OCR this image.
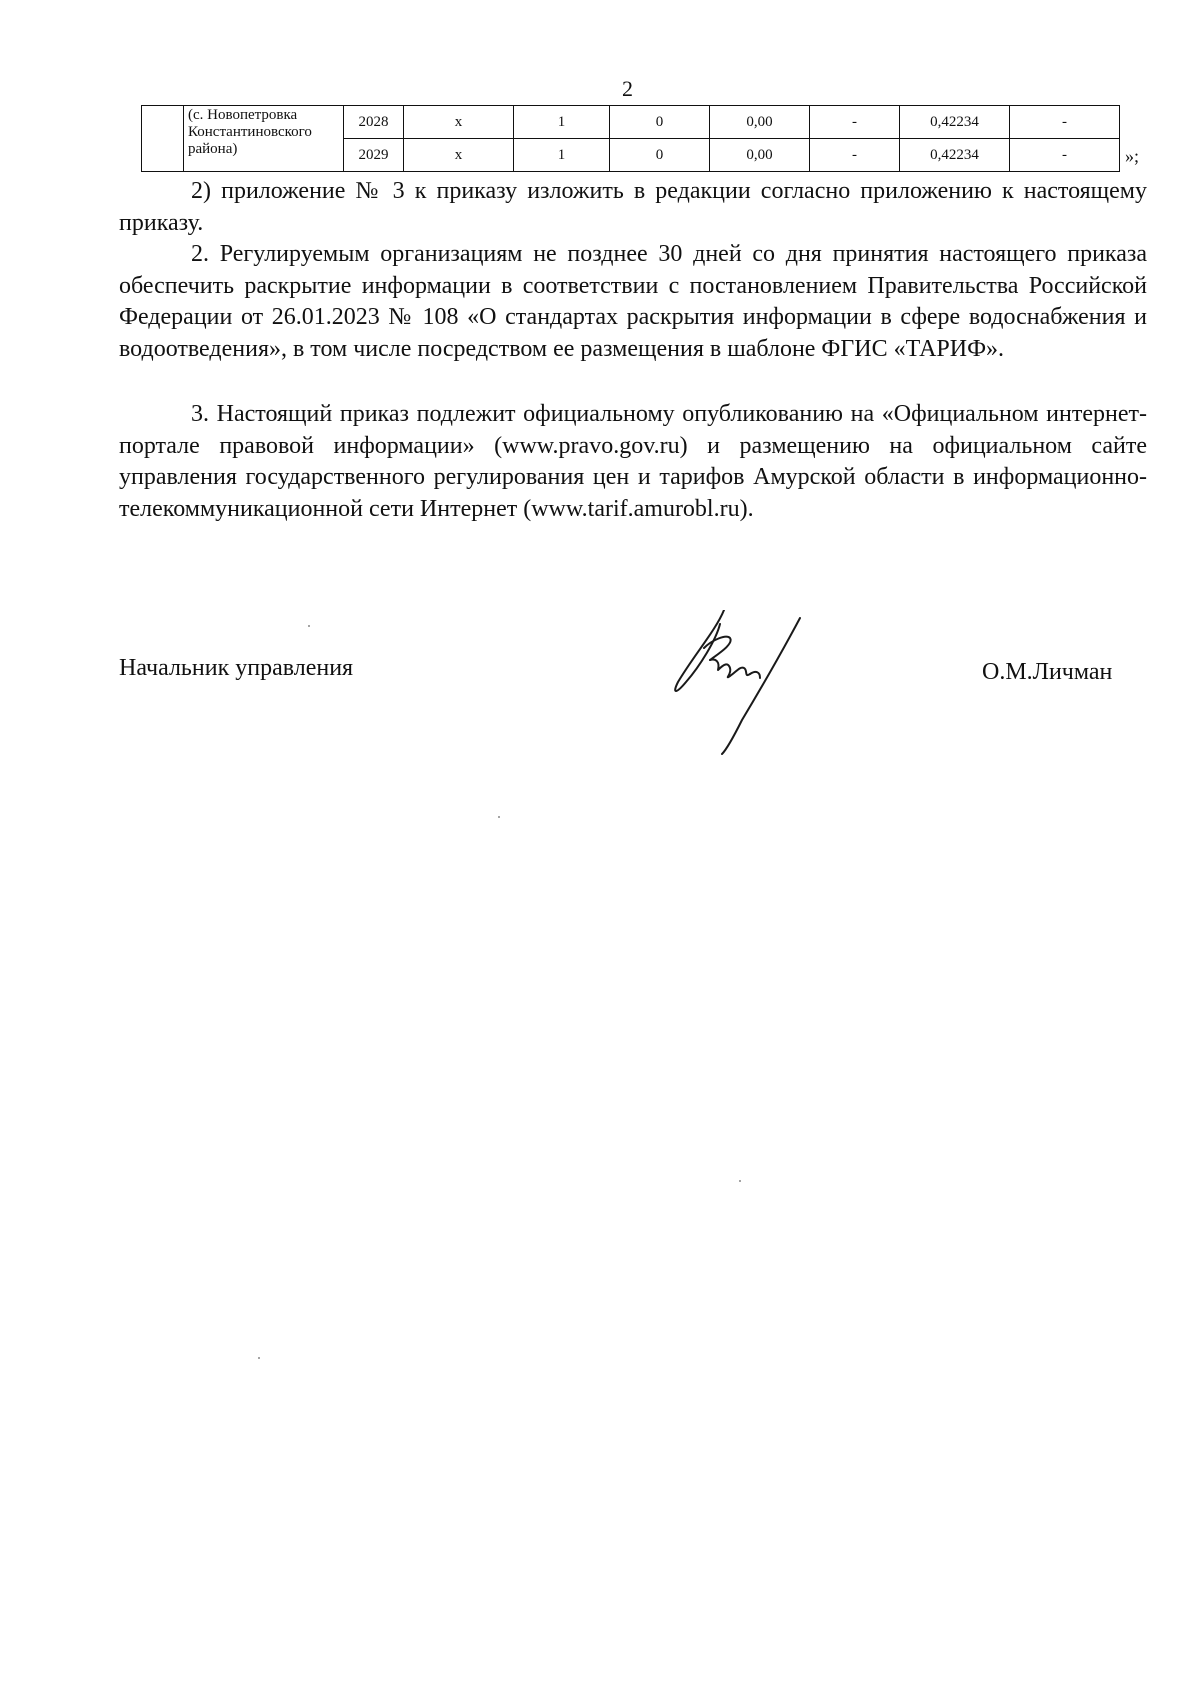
2

	(с. Новопетровка
Константиновского
района)	2028	х	1	0	0,00	-	0,42234	-
		2029	х	1	0	0,00	-	0,42234	-	»;

2) приложение № 3 к приказу изложить в редакции согласно приложению к настоящему приказу.

2. Регулируемым организациям не позднее 30 дней со дня принятия настоящего приказа обеспечить раскрытие информации в соответствии с постановлением Правительства Российской Федерации от 26.01.2023 № 108 «О стандартах раскрытия информации в сфере водоснабжения и водоотведения», в том числе посредством ее размещения в шаблоне ФГИС «ТАРИФ».

3. Настоящий приказ подлежит официальному опубликованию на «Официальном интернет-портале правовой информации» (www.pravo.gov.ru) и размещению на официальном сайте управления государственного регулирования цен и тарифов Амурской области в информационно-телекоммуникационной сети Интернет (www.tarif.amurobl.ru).

Начальник управления	О.М.Личман
